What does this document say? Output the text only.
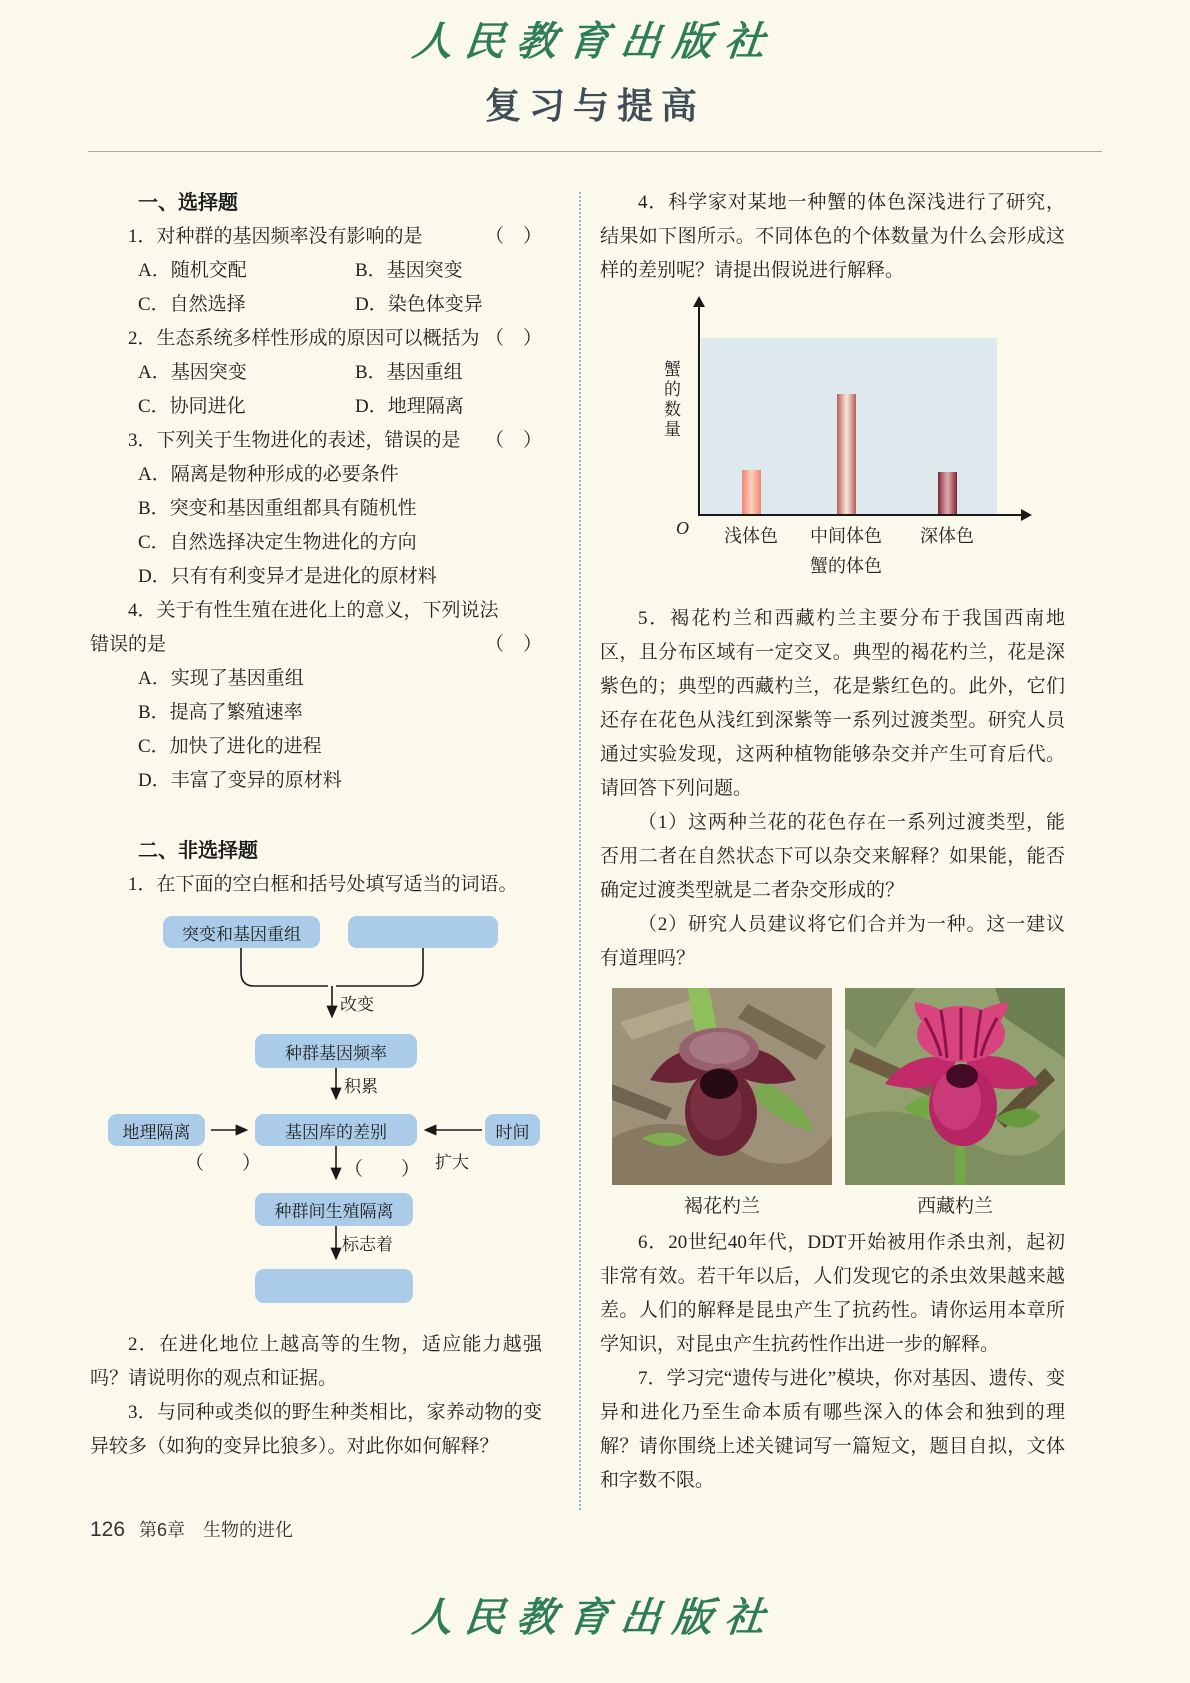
人民教育出版社
复习与提高
一、选择题

1．对种群的基因频率没有影响的是	（　）

A．随机交配	B．基因突变
C．自然选择	D．染色体变异

2．生态系统多样性形成的原因可以概括为 （　）

A．基因突变	B．基因重组
C．协同进化	D．地理隔离

3．下列关于生物进化的表述，错误的是 （　）

A．隔离是物种形成的必要条件

B．突变和基因重组都具有随机性

C．自然选择决定生物进化的方向

D．只有有利变异才是进化的原材料

4．关于有性生殖在进化上的意义，下列说法

错误的是	（　）

A．实现了基因重组

B．提高了繁殖速率

C．加快了进化的进程

D．丰富了变异的原材料

二、非选择题

1．在下面的空白框和括号处填写适当的词语。

突变和基因重组
改变
种群基因频率
积累
地理隔离	基因库的差别	时间
（　　）	扩大
（　　）
种群间生殖隔离
标志着

2．在进化地位上越高等的生物，适应能力越强吗？请说明你的观点和证据。

3．与同种或类似的野生种类相比，家养动物的变异较多（如狗的变异比狼多）。对此你如何解释？

4．科学家对某地一种蟹的体色深浅进行了研究，结果如下图所示。不同体色的个体数量为什么会形成这样的差别呢？请提出假说进行解释。

蟹的数量
O	浅体色	中间体色	深体色
蟹的体色

5．褐花杓兰和西藏杓兰主要分布于我国西南地区，且分布区域有一定交叉。典型的褐花杓兰，花是深紫色的；典型的西藏杓兰，花是紫红色的。此外，它们还存在花色从浅红到深紫等一系列过渡类型。研究人员通过实验发现，这两种植物能够杂交并产生可育后代。请回答下列问题。

（1）这两种兰花的花色存在一系列过渡类型，能否用二者在自然状态下可以杂交来解释？如果能，能否确定过渡类型就是二者杂交形成的？

（2）研究人员建议将它们合并为一种。这一建议有道理吗？

褐花杓兰	西藏杓兰

6．20世纪40年代，DDT开始被用作杀虫剂，起初非常有效。若干年以后，人们发现它的杀虫效果越来越差。人们的解释是昆虫产生了抗药性。请你运用本章所学知识，对昆虫产生抗药性作出进一步的解释。

7．学习完“遗传与进化”模块，你对基因、遗传、变异和进化乃至生命本质有哪些深入的体会和独到的理解？请你围绕上述关键词写一篇短文，题目自拟，文体和字数不限。

126 第6章　生物的进化
人民教育出版社
